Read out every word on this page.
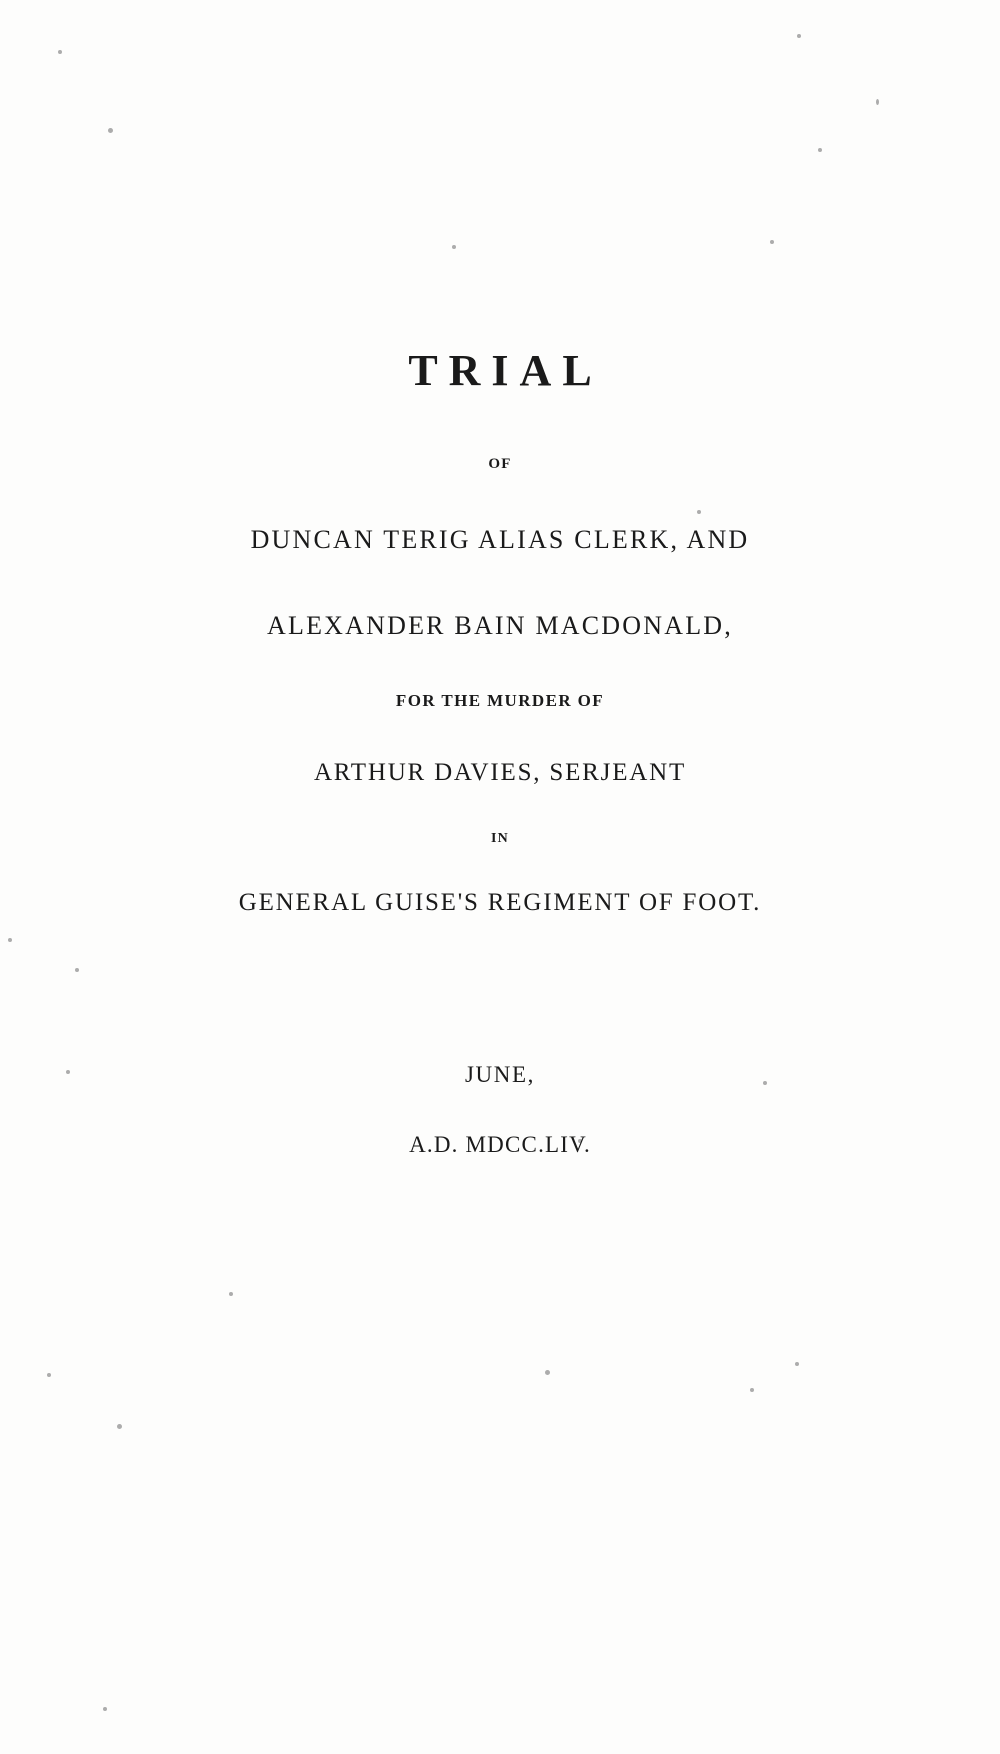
TRIAL
OF
DUNCAN TERIG ALIAS CLERK, AND
ALEXANDER BAIN MACDONALD,
FOR THE MURDER OF
ARTHUR DAVIES, SERJEANT
IN
GENERAL GUISE'S REGIMENT OF FOOT.
JUNE,
A.D. MDCC.LIV.
